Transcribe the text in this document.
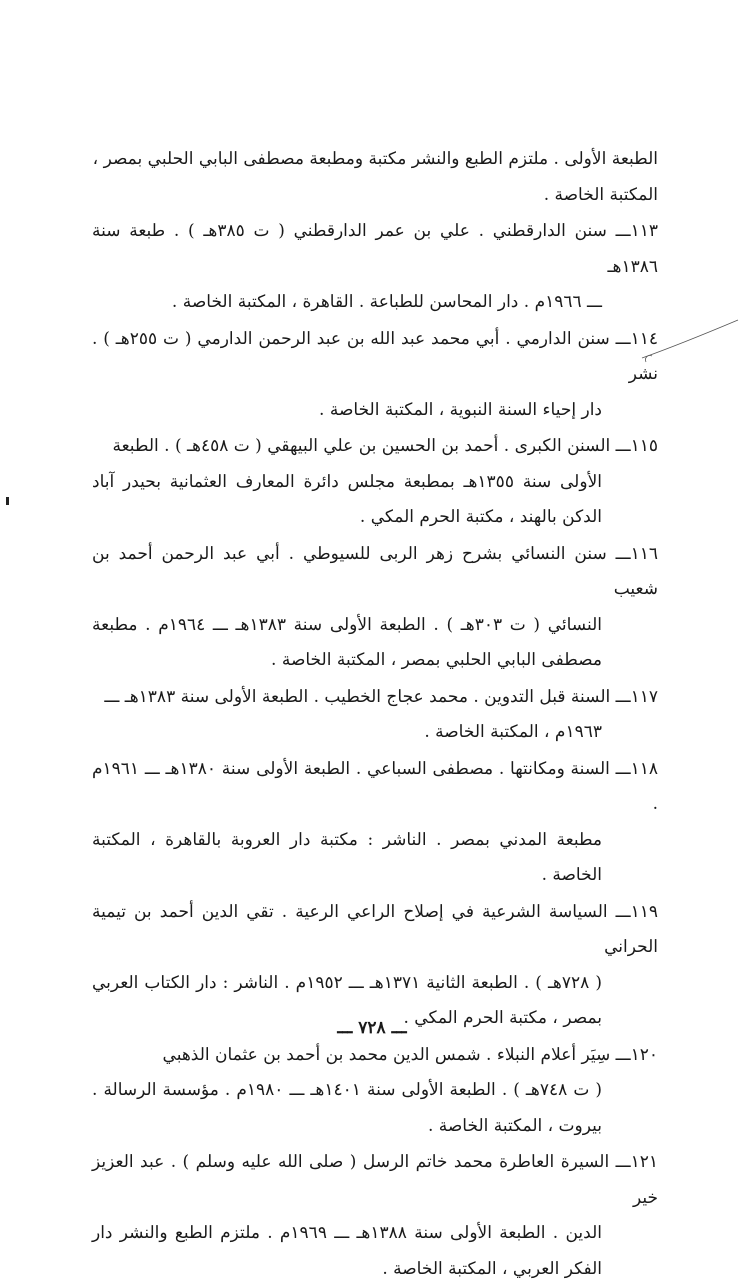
الطبعة الأولى . ملتزم الطبع والنشر مكتبة ومطبعة مصطفى البابي الحلبي بمصر ،
المكتبة الخاصة .
١١٣ـــ سنن الدارقطني . علي بن عمر الدارقطني ( ت ٣٨٥هـ ) . طبعة سنة ١٣٨٦هـ
ـــ ١٩٦٦م . دار المحاسن للطباعة . القاهرة ، المكتبة الخاصة .
١١٤ـــ سنن الدارمي . أبي محمد عبد الله بن عبد الرحمن الدارمي ( ت ٢٥٥هـ ) . نشر
دار إحياء السنة النبوية ، المكتبة الخاصة .
١١٥ـــ السنن الكبرى . أحمد بن الحسين بن علي البيهقي ( ت ٤٥٨هـ ) . الطبعة
الأولى سنة ١٣٥٥هـ بمطبعة مجلس دائرة المعارف العثمانية بحيدر آباد الدكن بالهند ، مكتبة الحرم المكي .
١١٦ـــ سنن النسائي بشرح زهر الربى للسيوطي . أبي عبد الرحمن أحمد بن شعيب
النسائي ( ت ٣٠٣هـ ) . الطبعة الأولى سنة ١٣٨٣هـ ـــ ١٩٦٤م . مطبعة مصطفى البابي الحلبي بمصر ، المكتبة الخاصة .
١١٧ـــ السنة قبل التدوين . محمد عجاج الخطيب . الطبعة الأولى سنة ١٣٨٣هـ ـــ
١٩٦٣م ، المكتبة الخاصة .
١١٨ـــ السنة ومكانتها . مصطفى السباعي . الطبعة الأولى سنة ١٣٨٠هـ ـــ ١٩٦١م .
مطبعة المدني بمصر . الناشر : مكتبة دار العروبة بالقاهرة ، المكتبة الخاصة .
١١٩ـــ السياسة الشرعية في إصلاح الراعي الرعية . تقي الدين أحمد بن تيمية الحراني
( ٧٢٨هـ ) . الطبعة الثانية ١٣٧١هـ ـــ ١٩٥٢م . الناشر : دار الكتاب العربي بمصر ، مكتبة الحرم المكي .
١٢٠ـــ سِيَر أعلام النبلاء . شمس الدين محمد بن أحمد بن عثمان الذهبي
( ت ٧٤٨هـ ) . الطبعة الأولى سنة ١٤٠١هـ ـــ ١٩٨٠م . مؤسسة الرسالة . بيروت ، المكتبة الخاصة .
١٢١ـــ السيرة العاطرة محمد خاتم الرسل ( صلى الله عليه وسلم ) . عبد العزيز خير
الدين . الطبعة الأولى سنة ١٣٨٨هـ ـــ ١٩٦٩م . ملتزم الطبع والنشر دار الفكر العربي ، المكتبة الخاصة .
ـــ ٧٢٨ ـــ
